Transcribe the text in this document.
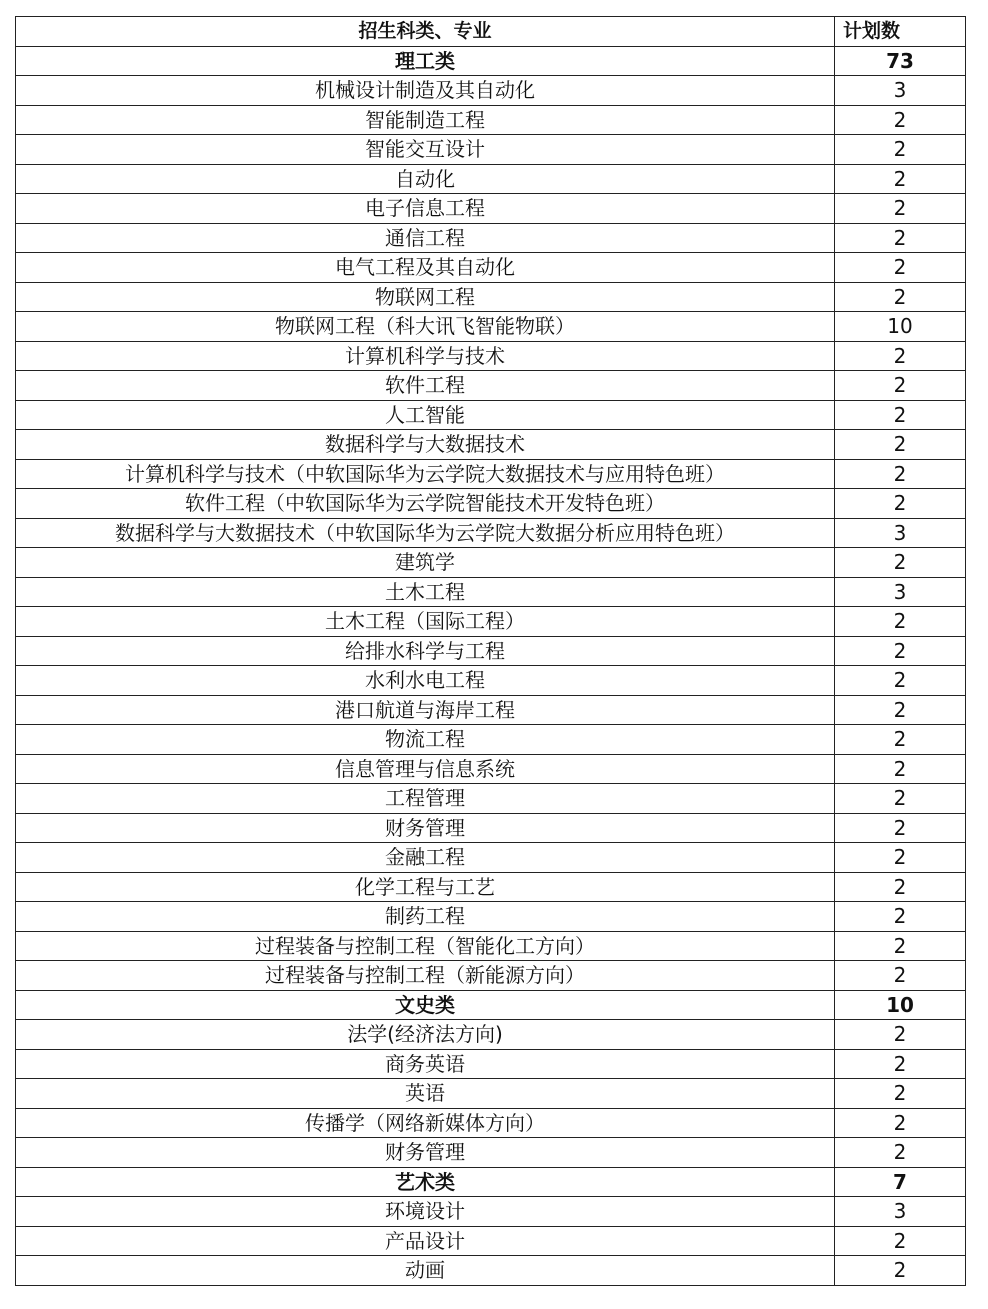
招生科类、专业	计划数
理工类	73
机械设计制造及其自动化	3
智能制造工程	2
智能交互设计	2
自动化	2
电子信息工程	2
通信工程	2
电气工程及其自动化	2
物联网工程	2
物联网工程（科大讯飞智能物联）	10
计算机科学与技术	2
软件工程	2
人工智能	2
数据科学与大数据技术	2
计算机科学与技术（中软国际华为云学院大数据技术与应用特色班）	2
软件工程（中软国际华为云学院智能技术开发特色班）	2
数据科学与大数据技术（中软国际华为云学院大数据分析应用特色班）	3
建筑学	2
土木工程	3
土木工程（国际工程）	2
给排水科学与工程	2
水利水电工程	2
港口航道与海岸工程	2
物流工程	2
信息管理与信息系统	2
工程管理	2
财务管理	2
金融工程	2
化学工程与工艺	2
制药工程	2
过程装备与控制工程（智能化工方向）	2
过程装备与控制工程（新能源方向）	2
文史类	10
法学(经济法方向)	2
商务英语	2
英语	2
传播学（网络新媒体方向）	2
财务管理	2
艺术类	7
环境设计	3
产品设计	2
动画	2
